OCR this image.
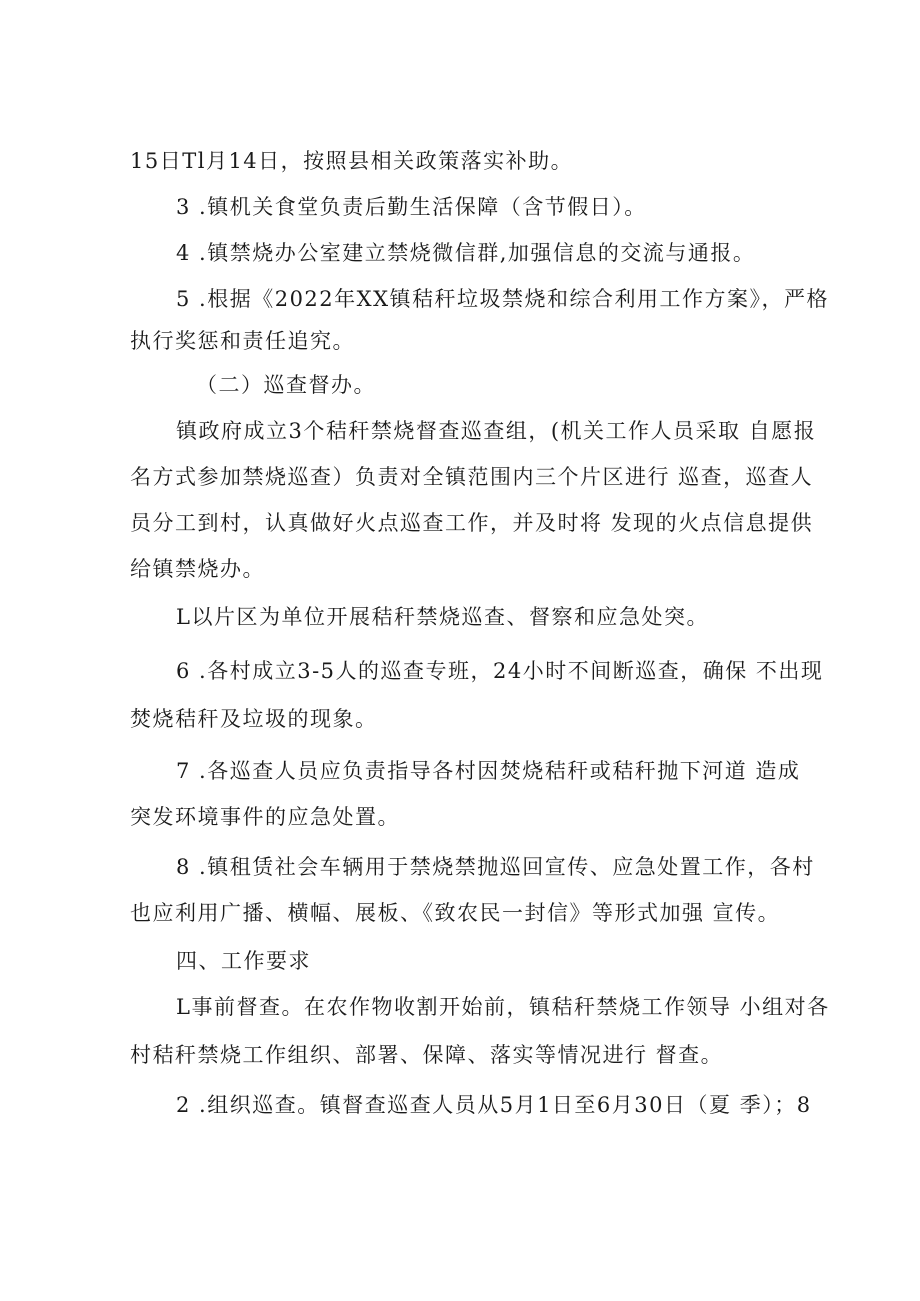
15日Tl月14日，按照县相关政策落实补助。

3 .镇机关食堂负责后勤生活保障（含节假日）。

4 .镇禁烧办公室建立禁烧微信群,加强信息的交流与通报。

5 .根据《2022年XX镇秸秆垃圾禁烧和综合利用工作方案》，严格

执行奖惩和责任追究。

（二）巡查督办。

镇政府成立3个秸秆禁烧督查巡查组，(机关工作人员采取 自愿报

名方式参加禁烧巡查）负责对全镇范围内三个片区进行 巡查，巡查人

员分工到村，认真做好火点巡查工作，并及时将 发现的火点信息提供

给镇禁烧办。

L以片区为单位开展秸秆禁烧巡查、督察和应急处突。

6 .各村成立3-5人的巡查专班，24小时不间断巡查，确保 不出现

焚烧秸秆及垃圾的现象。

7 .各巡查人员应负责指导各村因焚烧秸秆或秸秆抛下河道 造成

突发环境事件的应急处置。

8 .镇租赁社会车辆用于禁烧禁抛巡回宣传、应急处置工作，各村

也应利用广播、横幅、展板、《致农民一封信》等形式加强 宣传。

四、工作要求

L事前督查。在农作物收割开始前，镇秸秆禁烧工作领导 小组对各

村秸秆禁烧工作组织、部署、保障、落实等情况进行 督查。

2 .组织巡查。镇督查巡查人员从5月1日至6月30日（夏 季）；8
